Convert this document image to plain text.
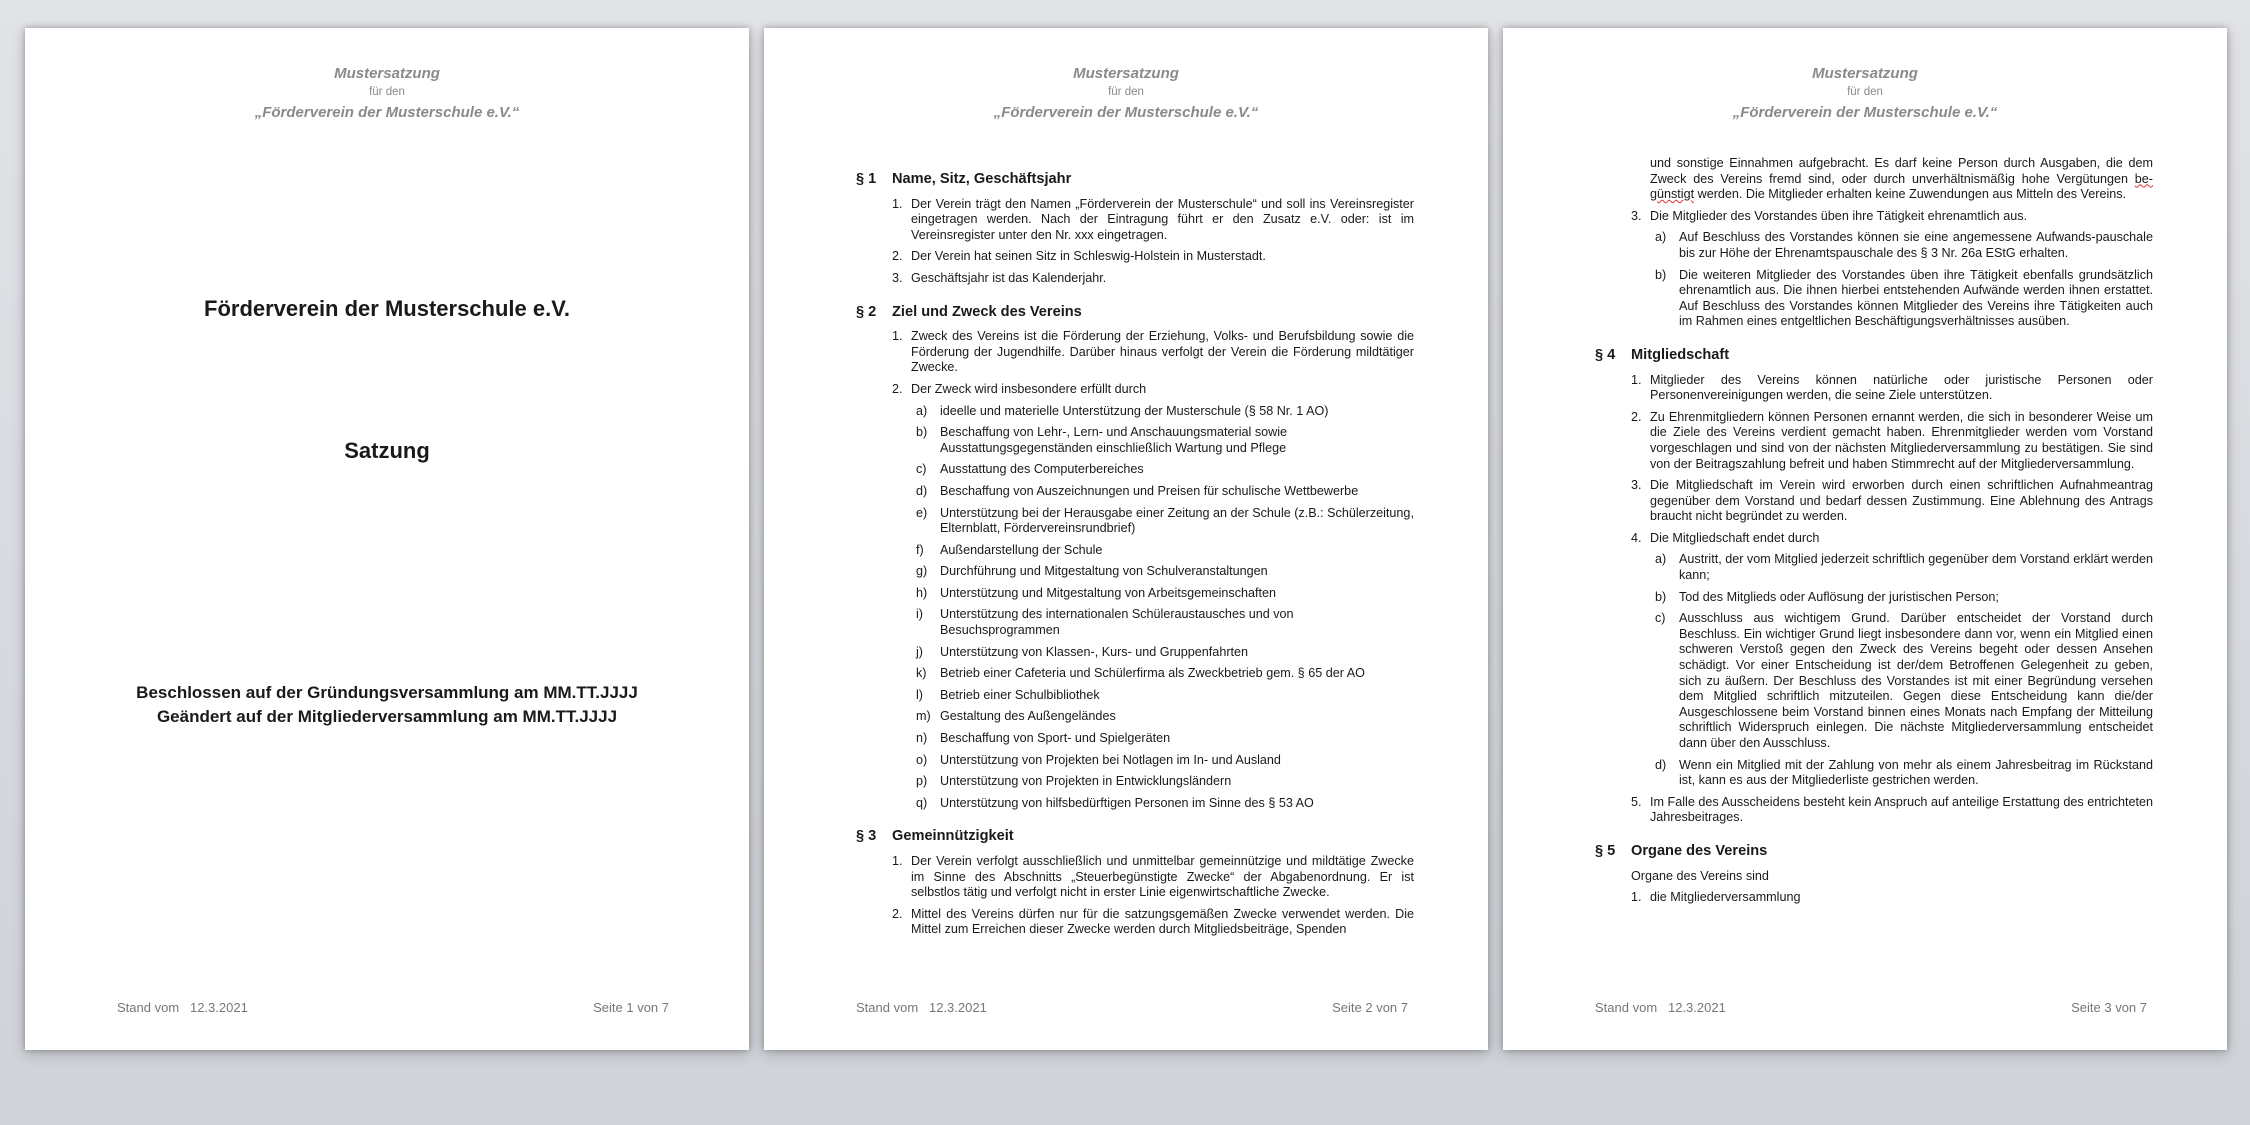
Mustersatzung
für den
„Förderverein der Musterschule e.V.“
Förderverein der Musterschule e.V.
Satzung
Beschlossen auf der Gründungsversammlung am MM.TT.JJJJ
Geändert auf der Mitgliederversammlung am MM.TT.JJJJ
Stand vom   12.3.2021	Seite 1 von 7
Mustersatzung
für den
„Förderverein der Musterschule e.V.“
§ 1	Name, Sitz, Geschäftsjahr
1. Der Verein trägt den Namen „Förderverein der Musterschule“ und soll ins Vereinsregister eingetragen werden. Nach der Eintragung führt er den Zusatz e.V. oder: ist im Vereinsregister unter den Nr. xxx eingetragen.
2. Der Verein hat seinen Sitz in Schleswig-Holstein in Musterstadt.
3. Geschäftsjahr ist das Kalenderjahr.
§ 2	Ziel und Zweck des Vereins
1. Zweck des Vereins ist die Förderung der Erziehung, Volks- und Berufsbildung sowie die Förderung der Jugendhilfe. Darüber hinaus verfolgt der Verein die Förderung mildtätiger Zwecke.
2. Der Zweck wird insbesondere erfüllt durch
a)	ideelle und materielle Unterstützung der Musterschule (§ 58 Nr. 1 AO)
b)	Beschaffung von Lehr-, Lern- und Anschauungsmaterial sowie Ausstattungsgegenständen einschließlich Wartung und Pflege
c)	Ausstattung des Computerbereiches
d)	Beschaffung von Auszeichnungen und Preisen für schulische Wettbewerbe
e)	Unterstützung bei der Herausgabe einer Zeitung an der Schule (z.B.: Schülerzeitung, Elternblatt, Fördervereinsrundbrief)
f)	Außendarstellung der Schule
g)	Durchführung und Mitgestaltung von Schulveranstaltungen
h)	Unterstützung und Mitgestaltung von Arbeitsgemeinschaften
i)	Unterstützung des internationalen Schüleraustausches und von Besuchsprogrammen
j)	Unterstützung von Klassen-, Kurs- und Gruppenfahrten
k)	Betrieb einer Cafeteria und Schülerfirma als Zweckbetrieb gem. § 65 der AO
l)	Betrieb einer Schulbibliothek
m) Gestaltung des Außengeländes
n)	Beschaffung von Sport- und Spielgeräten
o)	Unterstützung von Projekten bei Notlagen im In- und Ausland
p)	Unterstützung von Projekten in Entwicklungsländern
q)	Unterstützung von hilfsbedürftigen Personen im Sinne des § 53 AO
§ 3	Gemeinnützigkeit
1. Der Verein verfolgt ausschließlich und unmittelbar gemeinnützige und mildtätige Zwecke im Sinne des Abschnitts „Steuerbegünstigte Zwecke“ der Abgabenordnung. Er ist selbstlos tätig und verfolgt nicht in erster Linie eigenwirtschaftliche Zwecke.
2. Mittel des Vereins dürfen nur für die satzungsgemäßen Zwecke verwendet werden. Die Mittel zum Erreichen dieser Zwecke werden durch Mitgliedsbeiträge, Spenden
Stand vom   12.3.2021	Seite 2 von 7
Mustersatzung
für den
„Förderverein der Musterschule e.V.“
und sonstige Einnahmen aufgebracht. Es darf keine Person durch Ausgaben, die dem Zweck des Vereins fremd sind, oder durch unverhältnismäßig hohe Vergütungen be-günstigt werden. Die Mitglieder erhalten keine Zuwendungen aus Mitteln des Vereins.
3. Die Mitglieder des Vorstandes üben ihre Tätigkeit ehrenamtlich aus.
a)	Auf Beschluss des Vorstandes können sie eine angemessene Aufwands-pauschale bis zur Höhe der Ehrenamtspauschale des § 3 Nr. 26a EStG erhalten.
b)	Die weiteren Mitglieder des Vorstandes üben ihre Tätigkeit ebenfalls grundsätzlich ehrenamtlich aus. Die ihnen hierbei entstehenden Aufwände werden ihnen erstattet. Auf Beschluss des Vorstandes können Mitglieder des Vereins ihre Tätigkeiten auch im Rahmen eines entgeltlichen Beschäftigungsverhältnisses ausüben.
§ 4	Mitgliedschaft
1. Mitglieder des Vereins können natürliche oder juristische Personen oder Personenvereinigungen werden, die seine Ziele unterstützen.
2. Zu Ehrenmitgliedern können Personen ernannt werden, die sich in besonderer Weise um die Ziele des Vereins verdient gemacht haben. Ehrenmitglieder werden vom Vorstand vorgeschlagen und sind von der nächsten Mitgliederversammlung zu bestätigen. Sie sind von der Beitragszahlung befreit und haben Stimmrecht auf der Mitgliederversammlung.
3. Die Mitgliedschaft im Verein wird erworben durch einen schriftlichen Aufnahmeantrag gegenüber dem Vorstand und bedarf dessen Zustimmung. Eine Ablehnung des Antrags braucht nicht begründet zu werden.
4. Die Mitgliedschaft endet durch
a)	Austritt, der vom Mitglied jederzeit schriftlich gegenüber dem Vorstand erklärt werden kann;
b)	Tod des Mitglieds oder Auflösung der juristischen Person;
c)	Ausschluss aus wichtigem Grund. Darüber entscheidet der Vorstand durch Beschluss. Ein wichtiger Grund liegt insbesondere dann vor, wenn ein Mitglied einen schweren Verstoß gegen den Zweck des Vereins begeht oder dessen Ansehen schädigt. Vor einer Entscheidung ist der/dem Betroffenen Gelegenheit zu geben, sich zu äußern. Der Beschluss des Vorstandes ist mit einer Begründung versehen dem Mitglied schriftlich mitzuteilen. Gegen diese Entscheidung kann die/der Ausgeschlossene beim Vorstand binnen eines Monats nach Empfang der Mitteilung schriftlich Widerspruch einlegen. Die nächste Mitgliederversammlung entscheidet dann über den Ausschluss.
d)	Wenn ein Mitglied mit der Zahlung von mehr als einem Jahresbeitrag im Rückstand ist, kann es aus der Mitgliederliste gestrichen werden.
5. Im Falle des Ausscheidens besteht kein Anspruch auf anteilige Erstattung des entrichteten Jahresbeitrages.
§ 5	Organe des Vereins
Organe des Vereins sind
1. die Mitgliederversammlung
Stand vom   12.3.2021	Seite 3 von 7
